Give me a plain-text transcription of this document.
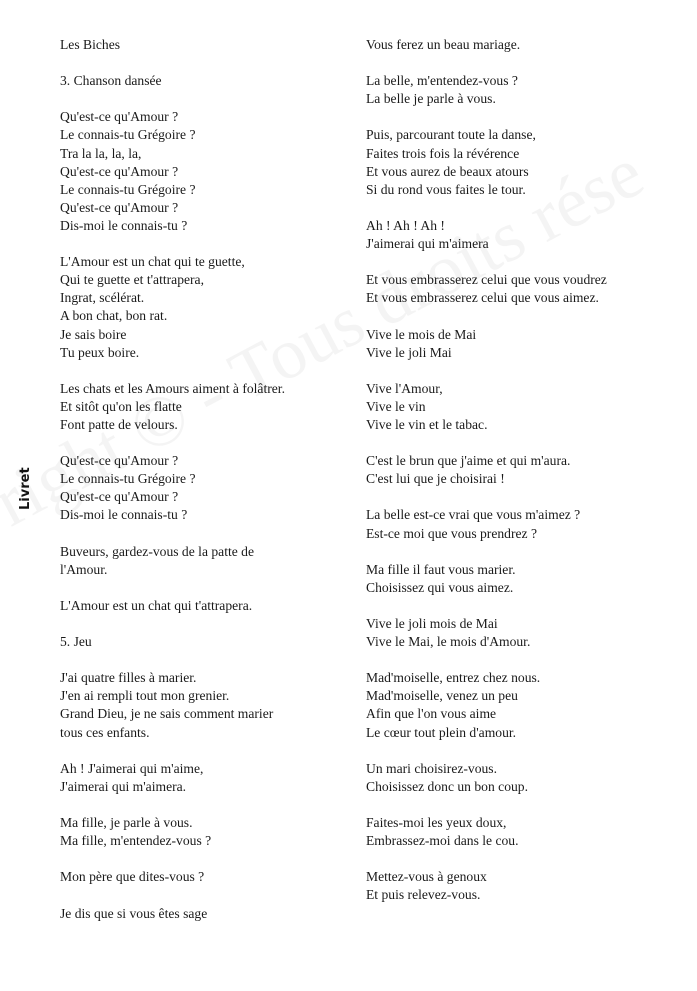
Livret
Les Biches
3. Chanson dansée
Qu'est-ce qu'Amour ?
Le connais-tu Grégoire ?
Tra la la, la, la,
Qu'est-ce qu'Amour ?
Le connais-tu Grégoire ?
Qu'est-ce qu'Amour ?
Dis-moi le connais-tu ?
L'Amour est un chat qui te guette,
Qui te guette et t'attrapera,
Ingrat, scélérat.
A bon chat, bon rat.
Je sais boire
Tu peux boire.
Les chats et les Amours aiment à folâtrer.
Et sitôt qu'on les flatte
Font patte de velours.
Qu'est-ce qu'Amour ?
Le connais-tu Grégoire ?
Qu'est-ce qu'Amour ?
Dis-moi le connais-tu ?
Buveurs, gardez-vous de la patte de
l'Amour.
L'Amour est un chat qui t'attrapera.
5. Jeu
J'ai quatre filles à marier.
J'en ai rempli tout mon grenier.
Grand Dieu, je ne sais comment marier
tous ces enfants.
Ah ! J'aimerai qui m'aime,
J'aimerai qui m'aimera.
Ma fille, je parle à vous.
Ma fille, m'entendez-vous ?
Mon père que dites-vous ?
Je dis que si vous êtes sage
Vous ferez un beau mariage.
La belle, m'entendez-vous ?
La belle je parle à vous.
Puis, parcourant toute la danse,
Faites trois fois la révérence
Et vous aurez de beaux atours
Si du rond vous faites le tour.
Ah ! Ah ! Ah !
J'aimerai qui m'aimera
Et vous embrasserez celui que vous voudrez
Et vous embrasserez celui que vous aimez.
Vive le mois de Mai
Vive le joli Mai
Vive l'Amour,
Vive le vin
Vive le vin et le tabac.
C'est le brun que j'aime et qui m'aura.
C'est lui que je choisirai !
La belle est-ce vrai que vous m'aimez ?
Est-ce moi que vous prendrez ?
Ma fille il faut vous marier.
Choisissez qui vous aimez.
Vive le joli mois de Mai
Vive le Mai, le mois d'Amour.
Mad'moiselle, entrez chez nous.
Mad'moiselle, venez un peu
Afin que l'on vous aime
Le cœur tout plein d'amour.
Un mari choisirez-vous.
Choisissez donc un bon coup.
Faites-moi les yeux doux,
Embrassez-moi dans le cou.
Mettez-vous à genoux
Et puis relevez-vous.
